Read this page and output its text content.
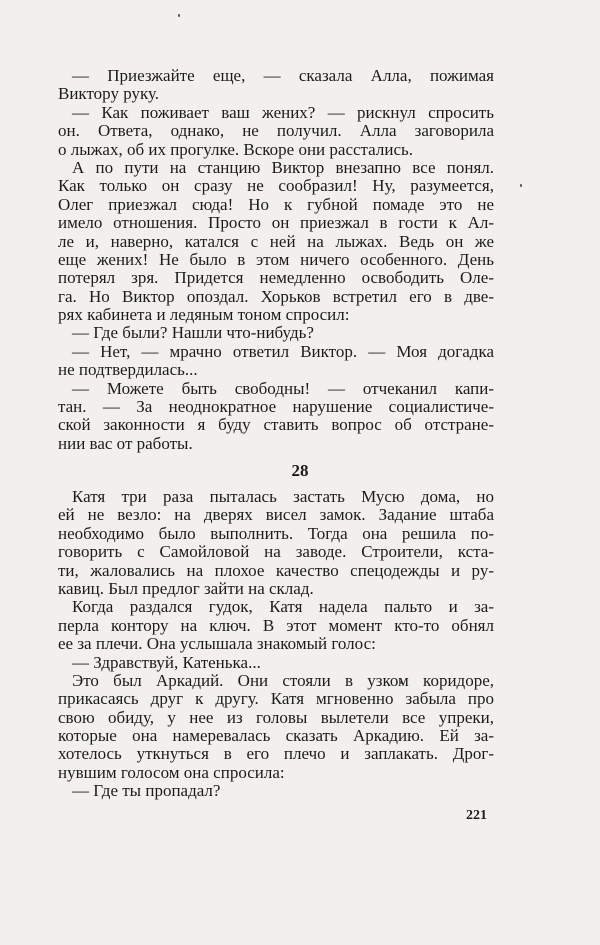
— Приезжайте еще, — сказала Алла, пожимая
Виктору руку.
— Как поживает ваш жених? — рискнул спросить
он. Ответа, однако, не получил. Алла заговорила
о лыжах, об их прогулке. Вскоре они расстались.
А по пути на станцию Виктор внезапно все понял.
Как только он сразу не сообразил! Ну, разумеется,
Олег приезжал сюда! Но к губной помаде это не
имело отношения. Просто он приезжал в гости к Ал-
ле и, наверно, катался с ней на лыжах. Ведь он же
еще жених! Не было в этом ничего особенного. День
потерял зря. Придется немедленно освободить Оле-
га. Но Виктор опоздал. Хорьков встретил его в две-
рях кабинета и ледяным тоном спросил:
— Где были? Нашли что-нибудь?
— Нет, — мрачно ответил Виктор. — Моя догадка
не подтвердилась...
— Можете быть свободны! — отчеканил капи-
тан. — За неоднократное нарушение социалистиче-
ской законности я буду ставить вопрос об отстране-
нии вас от работы.
28
Катя три раза пыталась застать Мусю дома, но
ей не везло: на дверях висел замок. Задание штаба
необходимо было выполнить. Тогда она решила по-
говорить с Самойловой на заводе. Строители, кста-
ти, жаловались на плохое качество спецодежды и ру-
кавиц. Был предлог зайти на склад.
Когда раздался гудок, Катя надела пальто и за-
перла контору на ключ. В этот момент кто-то обнял
ее за плечи. Она услышала знакомый голос:
— Здравствуй, Катенька...
Это был Аркадий. Они стояли в узком коридоре,
прикасаясь друг к другу. Катя мгновенно забыла про
свою обиду, у нее из головы вылетели все упреки,
которые она намеревалась сказать Аркадию. Ей за-
хотелось уткнуться в его плечо и заплакать. Дрог-
нувшим голосом она спросила:
— Где ты пропадал?
221
